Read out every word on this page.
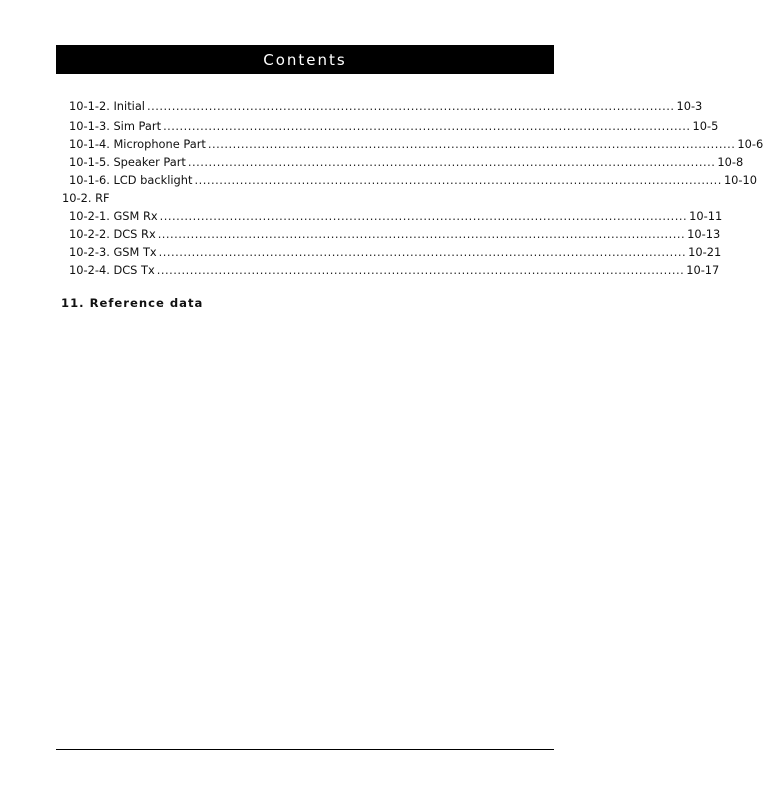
Contents
10-1-2. Initial ................................................................................................................................ 10-3
10-1-3. Sim Part ................................................................................................................................ 10-5
10-1-4. Microphone Part ................................................................................................................................ 10-6
10-1-5. Speaker Part ................................................................................................................................ 10-8
10-1-6. LCD backlight ................................................................................................................................ 10-10
10-2. RF
10-2-1. GSM Rx ................................................................................................................................ 10-11
10-2-2. DCS Rx ................................................................................................................................ 10-13
10-2-3. GSM Tx ................................................................................................................................ 10-21
10-2-4. DCS Tx ................................................................................................................................ 10-17
11. Reference data
